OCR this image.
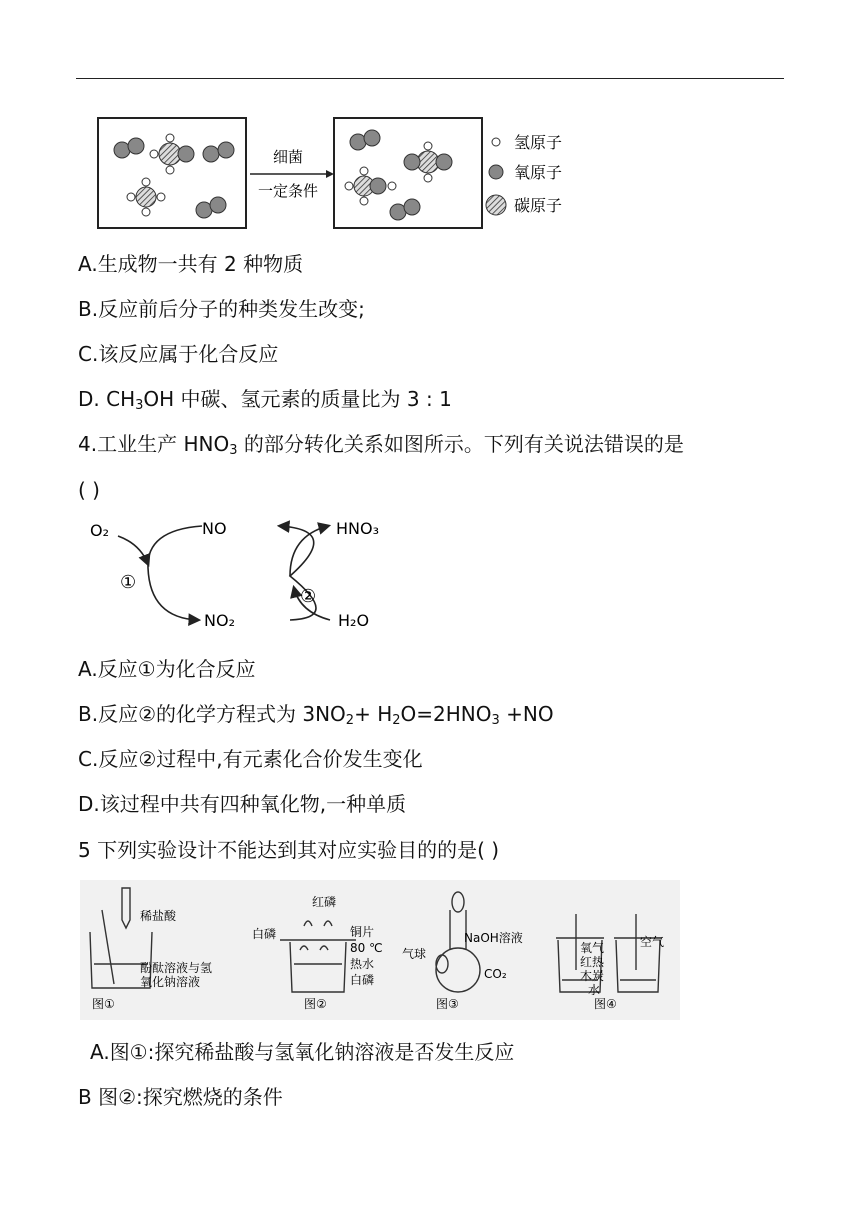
细菌
一定条件
氢原子
氧原子
碳原子
A.生成物一共有 2 种物质
B.反应前后分子的种类发生改变;
C.该反应属于化合反应
D. $CH_3OH$ 中碳、氢元素的质量比为 3 : 1
4.工业生产 $HNO_3$ 的部分转化关系如图所示。下列有关说法错误的是
( )
O₂	NO	HNO₃
NO₂	H₂O
①
②
A.反应①为化合反应
B.反应②的化学方程式为 $3NO_2+ H_2O=2HNO_3 +NO$
C.反应②过程中,有元素化合价发生变化
D.该过程中共有四种氧化物,一种单质
5 下列实验设计不能达到其对应实验目的的是( )
稀盐酸
酚酞溶液与氢
氧化钠溶液
图①
红磷
白磷	铜片
80 ℃
热水
白磷
图②
NaOH溶液
气球
CO₂
图③
氧气
红热
木炭
水
空气
图④
A.图①:探究稀盐酸与氢氧化钠溶液是否发生反应
B 图②:探究燃烧的条件
